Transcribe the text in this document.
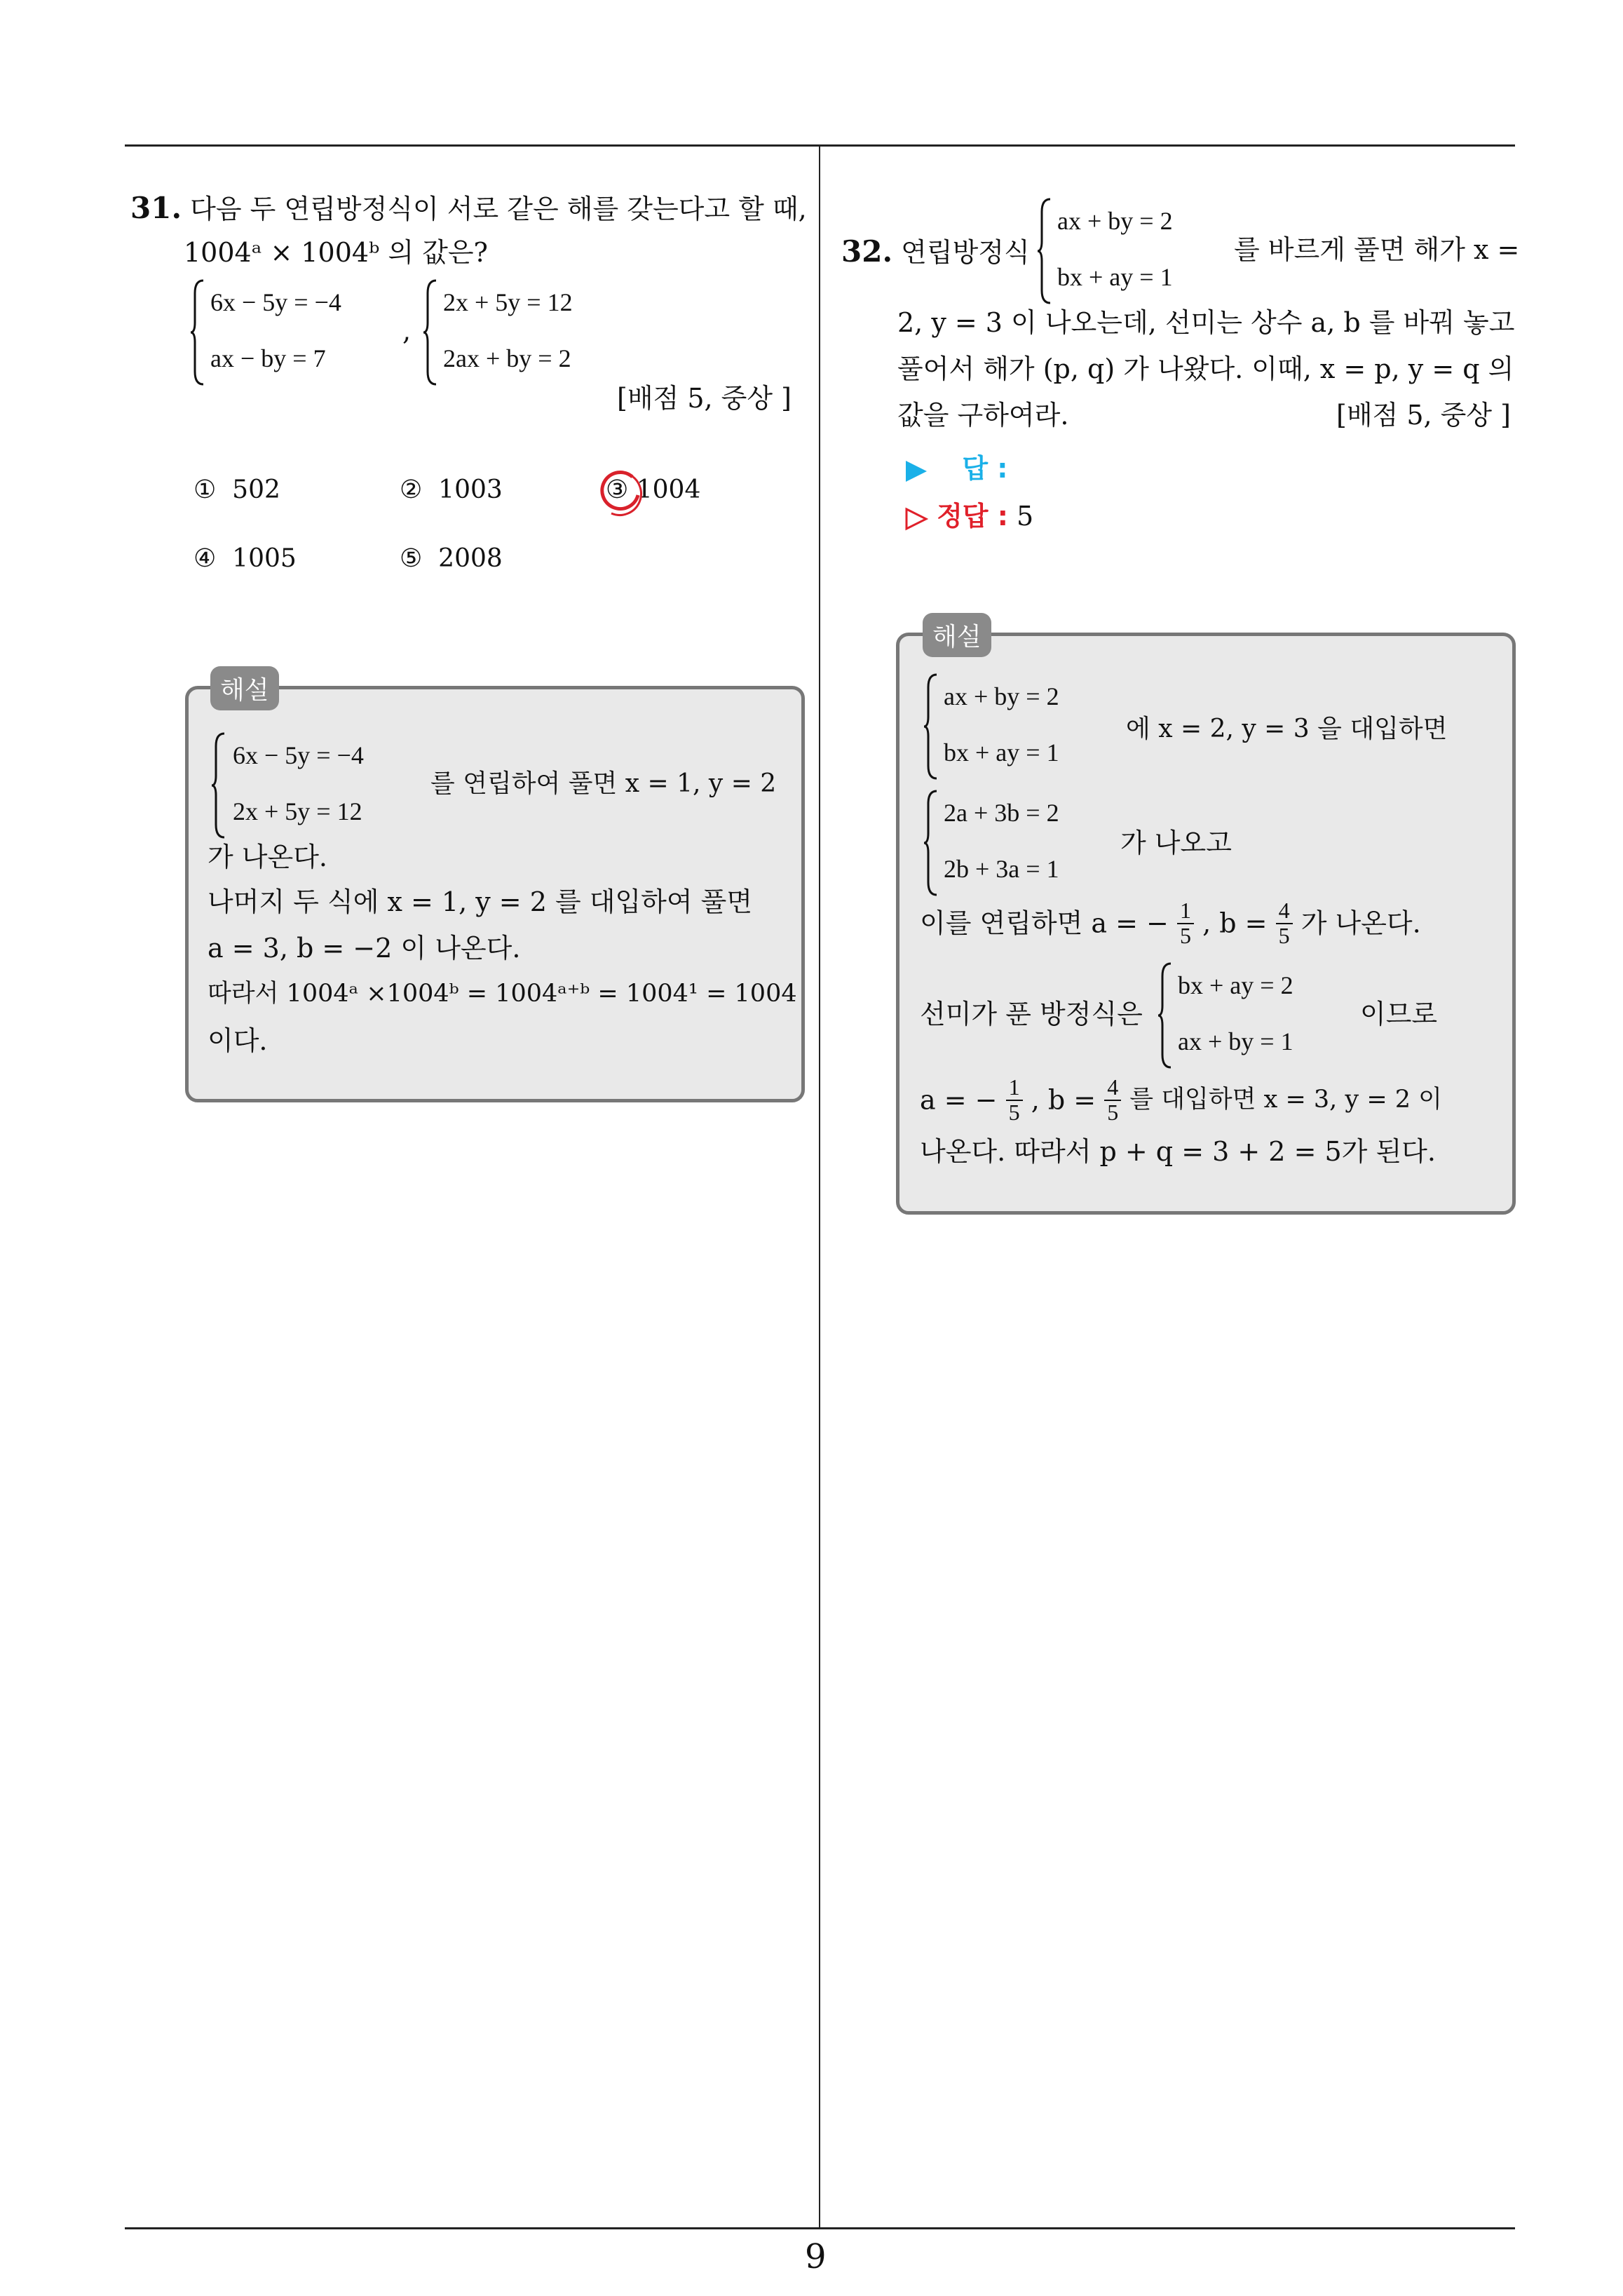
9
31. 다음 두 연립방정식이 서로 같은 해를 갖는다고 할 때,
1004ᵃ × 1004ᵇ 의 값은?
6x − 5y = −4
ax − by = 7
,
2x + 5y = 12
2ax + by = 2
[배점 5, 중상 ]
① 502	② 1003	③ 1004
④ 1005	⑤ 2008
해설
6x − 5y = −4
2x + 5y = 12
를 연립하여 풀면 x = 1, y = 2
가 나온다.
나머지 두 식에 x = 1, y = 2 를 대입하여 풀면
a = 3, b = −2 이 나온다.
따라서 1004ᵃ ×1004ᵇ = 1004ᵃ⁺ᵇ = 1004¹ = 1004
이다.
32. 연립방정식
ax + by = 2
bx + ay = 1
를 바르게 풀면 해가 x =
2, y = 3 이 나오는데, 선미는 상수 a, b 를 바꿔 놓고
풀어서 해가 (p, q) 가 나왔다. 이때, x = p, y = q 의
값을 구하여라.	[배점 5, 중상 ]
답 :
정답 : 5
해설
ax + by = 2
bx + ay = 1
에 x = 2, y = 3 을 대입하면
2a + 3b = 2
2b + 3a = 1
가 나오고
이를 연립하면 a = − $\frac{1}{5}$ , $b = \frac{4}{5}$ 가 나온다.
선미가 푼 방정식은
bx + ay = 2
ax + by = 1
이므로
a = − $\frac{1}{5}$ , $b = \frac{4}{5}$ 를 대입하면 x = 3, y = 2 이
나온다. 따라서 p + q = 3 + 2 = 5가 된다.
